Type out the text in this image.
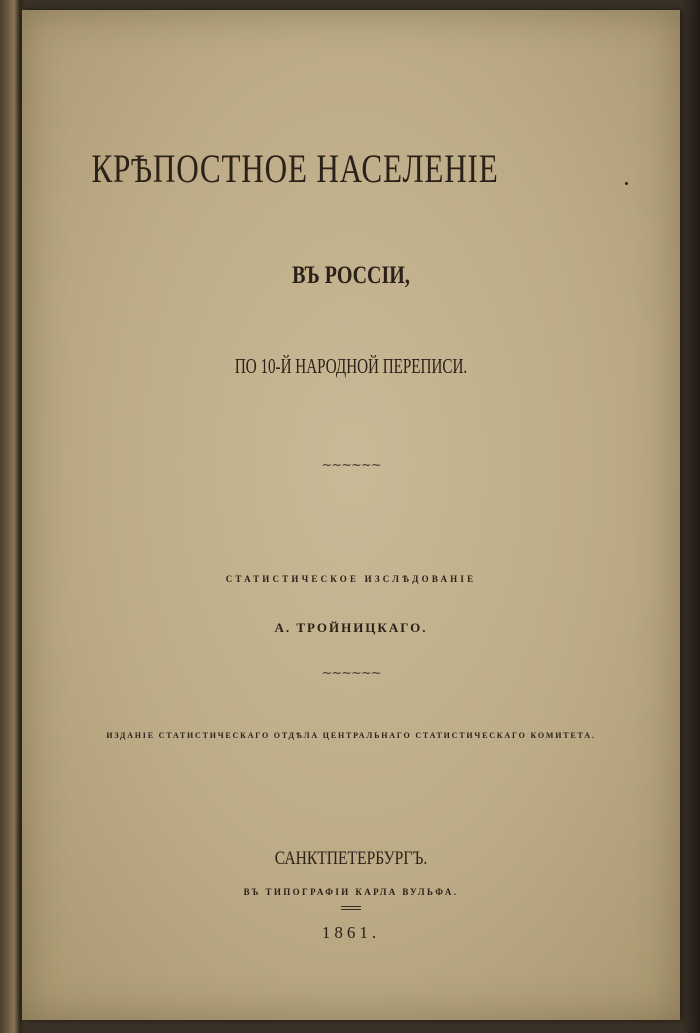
КРѢПОСТНОЕ НАСЕЛЕНІЕ
ВЪ РОССІИ,
ПО 10-Й НАРОДНОЙ ПЕРЕПИСИ.
~~~~~~
СТАТИСТИЧЕСКОЕ ИЗСЛѢДОВАНІЕ
А. ТРОЙНИЦКАГО.
~~~~~~
ИЗДАНІЕ СТАТИСТИЧЕСКАГО ОТДѢЛА ЦЕНТРАЛЬНАГО СТАТИСТИЧЕСКАГО КОМИТЕТА.
САНКТПЕТЕРБУРГЪ.
ВЪ ТИПОГРАФІИ КАРЛА ВУЛЬФА.
1861.
